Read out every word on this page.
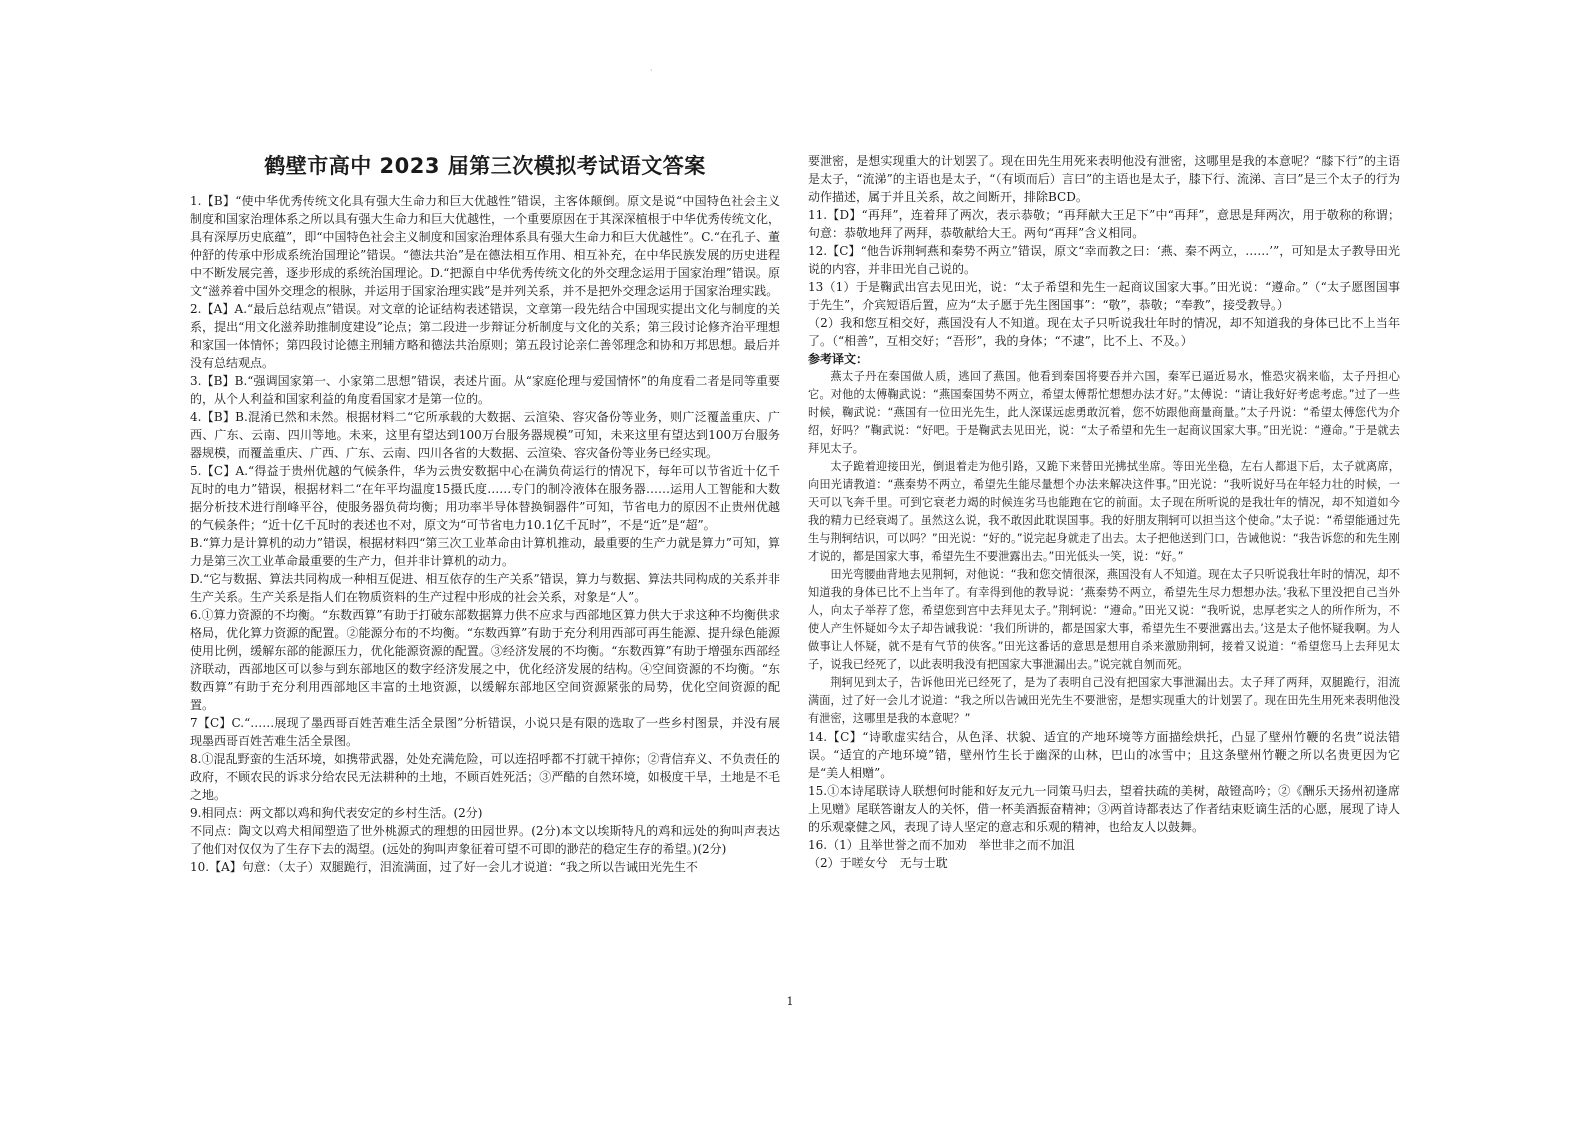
·
鹤壁市高中 2023 届第三次模拟考试语文答案

1.【B】“使中华优秀传统文化具有强大生命力和巨大优越性”错误，主客体颠倒。原文是说“中国特色社会主义制度和国家治理体系之所以具有强大生命力和巨大优越性，一个重要原因在于其深深植根于中华优秀传统文化，具有深厚历史底蕴”，即“中国特色社会主义制度和国家治理体系具有强大生命力和巨大优越性”。C.“在孔子、董仲舒的传承中形成系统治国理论”错误。“德法共治”是在德法相互作用、相互补充，在中华民族发展的历史进程中不断发展完善，逐步形成的系统治国理论。D.“把源自中华优秀传统文化的外交理念运用于国家治理”错误。原文“滋养着中国外交理念的根脉，并运用于国家治理实践”是并列关系，并不是把外交理念运用于国家治理实践。

2.【A】A.“最后总结观点”错误。对文章的论证结构表述错误，文章第一段先结合中国现实提出文化与制度的关系，提出“用文化滋养助推制度建设”论点；第二段进一步辩证分析制度与文化的关系；第三段讨论修齐治平理想和家国一体情怀；第四段讨论德主刑辅方略和德法共治原则；第五段讨论亲仁善邻理念和协和万邦思想。最后并没有总结观点。

3.【B】B.“强调国家第一、小家第二思想”错误，表述片面。从“家庭伦理与爱国情怀”的角度看二者是同等重要的，从个人利益和国家利益的角度看国家才是第一位的。

4.【B】B.混淆已然和未然。根据材料二“它所承载的大数据、云渲染、容灾备份等业务，则广泛覆盖重庆、广西、广东、云南、四川等地。未来，这里有望达到100万台服务器规模”可知，未来这里有望达到100万台服务器规模，而覆盖重庆、广西、广东、云南、四川各省的大数据、云渲染、容灾备份等业务已经实现。

5.【C】A.“得益于贵州优越的气候条件，华为云贵安数据中心在满负荷运行的情况下，每年可以节省近十亿千瓦时的电力”错误，根据材料二“在年平均温度15摄氏度……专门的制冷液体在服务器……运用人工智能和大数据分析技术进行削峰平谷，使服务器负荷均衡；用功率半导体替换铜器件”可知，节省电力的原因不止贵州优越的气候条件；“近十亿千瓦时的表述也不对，原文为“可节省电力10.1亿千瓦时”，不是“近”是“超”。

B.“算力是计算机的动力”错误，根据材料四“第三次工业革命由计算机推动，最重要的生产力就是算力”可知，算力是第三次工业革命最重要的生产力，但并非计算机的动力。

D.“它与数据、算法共同构成一种相互促进、相互依存的生产关系”错误，算力与数据、算法共同构成的关系并非生产关系。生产关系是指人们在物质资料的生产过程中形成的社会关系，对象是“人”。

6.①算力资源的不均衡。“东数西算”有助于打破东部数据算力供不应求与西部地区算力供大于求这种不均衡供求格局，优化算力资源的配置。②能源分布的不均衡。“东数西算”有助于充分利用西部可再生能源、提升绿色能源使用比例，缓解东部的能源压力，优化能源资源的配置。③经济发展的不均衡。“东数西算”有助于增强东西部经济联动，西部地区可以参与到东部地区的数字经济发展之中，优化经济发展的结构。④空间资源的不均衡。“东数西算”有助于充分利用西部地区丰富的土地资源，以缓解东部地区空间资源紧张的局势，优化空间资源的配置。

7【C】C.“……展现了墨西哥百姓苦难生活全景图”分析错误，小说只是有限的选取了一些乡村图景，并没有展现墨西哥百姓苦难生活全景图。

8.①混乱野蛮的生活环境，如携带武器，处处充满危险，可以连招呼都不打就干掉你；②背信弃义、不负责任的政府，不顾农民的诉求分给农民无法耕种的土地，不顾百姓死活；③严酷的自然环境，如极度干旱，土地是不毛之地。

9.相同点：两文都以鸡和狗代表安定的乡村生活。(2分)

不同点：陶文以鸡犬相闻塑造了世外桃源式的理想的田园世界。(2分)本文以埃斯特凡的鸡和远处的狗叫声表达了他们对仅仅为了生存下去的渴望。(远处的狗叫声象征着可望不可即的渺茫的稳定生存的希望。)(2分)

10.【A】句意：（太子）双腿跪行，泪流满面，过了好一会儿才说道：“我之所以告诫田光先生不

要泄密，是想实现重大的计划罢了。现在田先生用死来表明他没有泄密，这哪里是我的本意呢？“膝下行”的主语是太子，“流涕”的主语也是太子，“（有顷而后）言曰”的主语也是太子，膝下行、流涕、言曰”是三个太子的行为动作描述，属于并且关系，故之间断开，排除BCD。

11.【D】“再拜”，连着拜了两次，表示恭敬；“再拜献大王足下”中“再拜”，意思是拜两次，用于敬称的称谓；句意：恭敬地拜了两拜，恭敬献给大王。两句“再拜”含义相同。

12.【C】“他告诉荆轲燕和秦势不两立”错误，原文“幸而教之曰：‘燕、秦不两立，……’”，可知是太子教导田光说的内容，并非田光自己说的。

13（1）于是鞠武出宫去见田光，说：“太子希望和先生一起商议国家大事。”田光说：“遵命。”（“太子愿图国事于先生”，介宾短语后置，应为“太子愿于先生图国事”：“敬”，恭敬；“奉教”，接受教导。）

（2）我和您互相交好，燕国没有人不知道。现在太子只听说我壮年时的情况，却不知道我的身体已比不上当年了。（“相善”，互相交好；“吾形”，我的身体；“不逮”，比不上、不及。）

参考译文：

燕太子丹在秦国做人质，逃回了燕国。他看到秦国将要吞并六国，秦军已逼近易水，惟恐灾祸来临，太子丹担心它。对他的太傅鞠武说：“燕国秦国势不两立，希望太傅帮忙想想办法才好。”太傅说：“请让我好好考虑考虑。”过了一些时候，鞠武说：“燕国有一位田光先生，此人深谋远虑勇敢沉着，您不妨跟他商量商量。”太子丹说：“希望太傅您代为介绍，好吗？”鞠武说：“好吧。于是鞠武去见田光，说：“太子希望和先生一起商议国家大事。”田光说：“遵命。”于是就去拜见太子。

太子跪着迎接田光，倒退着走为他引路，又跪下来替田光拂拭坐席。等田光坐稳，左右人都退下后，太子就离席，向田光请教道：“燕秦势不两立，希望先生能尽量想个办法来解决这件事。”田光说：“我听说好马在年轻力壮的时候，一天可以飞奔千里。可到它衰老力竭的时候连劣马也能跑在它的前面。太子现在所听说的是我壮年的情况，却不知道如今我的精力已经衰竭了。虽然这么说，我不敢因此耽误国事。我的好朋友荆轲可以担当这个使命。”太子说：“希望能通过先生与荆轲结识，可以吗？”田光说：“好的。”说完起身就走了出去。太子把他送到门口，告诫他说：“我告诉您的和先生刚才说的，都是国家大事，希望先生不要泄露出去。”田光低头一笑，说：“好。”

田光弯腰曲背地去见荆轲，对他说：“我和您交情很深，燕国没有人不知道。现在太子只听说我壮年时的情况，却不知道我的身体已比不上当年了。有幸得到他的教导说：‘燕秦势不两立，希望先生尽力想想办法。’我私下里没把自己当外人，向太子举荐了您，希望您到宫中去拜见太子。”荆轲说：“遵命。”田光又说：“我听说，忠厚老实之人的所作所为，不使人产生怀疑如今太子却告诫我说：‘我们所讲的，都是国家大事，希望先生不要泄露出去。’这是太子他怀疑我啊。为人做事让人怀疑，就不是有气节的侠客。”田光这番话的意思是想用自杀来激励荆轲，接着又说道：“希望您马上去拜见太子，说我已经死了，以此表明我没有把国家大事泄漏出去。”说完就自刎而死。

荆轲见到太子，告诉他田光已经死了，是为了表明自己没有把国家大事泄漏出去。太子拜了两拜，双腿跪行，泪流满面，过了好一会儿才说道：“我之所以告诫田光先生不要泄密，是想实现重大的计划罢了。现在田先生用死来表明他没有泄密，这哪里是我的本意呢？”

14.【C】“诗歌虚实结合，从色泽、状貌、适宜的产地环境等方面描绘烘托，凸显了壁州竹鞭的名贵”说法错误。“适宜的产地环境”错，壁州竹生长于幽深的山林，巴山的冰雪中；且这条壁州竹鞭之所以名贵更因为它是“美人相赠”。

15.①本诗尾联诗人联想何时能和好友元九一同策马归去，望着扶疏的美树，敲镫高吟；②《酬乐天扬州初逢席上见赠》尾联答谢友人的关怀，借一杯美酒振奋精神；③两首诗都表达了作者结束贬谪生活的心愿，展现了诗人的乐观豪健之风，表现了诗人坚定的意志和乐观的精神，也给友人以鼓舞。

16.（1）且举世誉之而不加劝　举世非之而不加沮

（2）于嗟女兮　无与士耽

1
